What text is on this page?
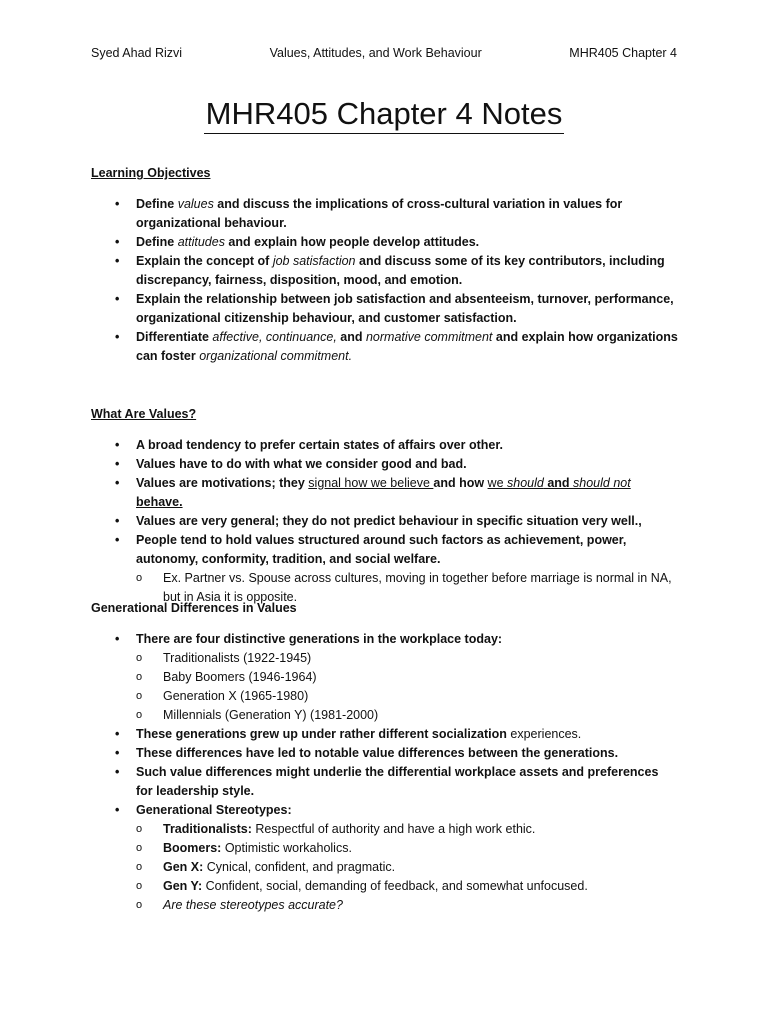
Syed Ahad Rizvi	Values, Attitudes, and Work Behaviour	MHR405 Chapter 4
MHR405 Chapter 4 Notes
Learning Objectives
• Define values and discuss the implications of cross-cultural variation in values for organizational behaviour.
• Define attitudes and explain how people develop attitudes.
• Explain the concept of job satisfaction and discuss some of its key contributors, including discrepancy, fairness, disposition, mood, and emotion.
• Explain the relationship between job satisfaction and absenteeism, turnover, performance, organizational citizenship behaviour, and customer satisfaction.
• Differentiate affective, continuance, and normative commitment and explain how organizations can foster organizational commitment.
What Are Values?
• A broad tendency to prefer certain states of affairs over other.
• Values have to do with what we consider good and bad.
• Values are motivations; they signal how we believe and how we should and should not behave.
• Values are very general; they do not predict behaviour in specific situation very well.,
• People tend to hold values structured around such factors as achievement, power, autonomy, conformity, tradition, and social welfare.
o Ex. Partner vs. Spouse across cultures, moving in together before marriage is normal in NA, but in Asia it is opposite.
Generational Differences in Values
• There are four distinctive generations in the workplace today:
o Traditionalists (1922-1945)
o Baby Boomers (1946-1964)
o Generation X (1965-1980)
o Millennials (Generation Y) (1981-2000)
• These generations grew up under rather different socialization experiences.
• These differences have led to notable value differences between the generations.
• Such value differences might underlie the differential workplace assets and preferences for leadership style.
• Generational Stereotypes:
o Traditionalists: Respectful of authority and have a high work ethic.
o Boomers: Optimistic workaholics.
o Gen X: Cynical, confident, and pragmatic.
o Gen Y: Confident, social, demanding of feedback, and somewhat unfocused.
o Are these stereotypes accurate?
